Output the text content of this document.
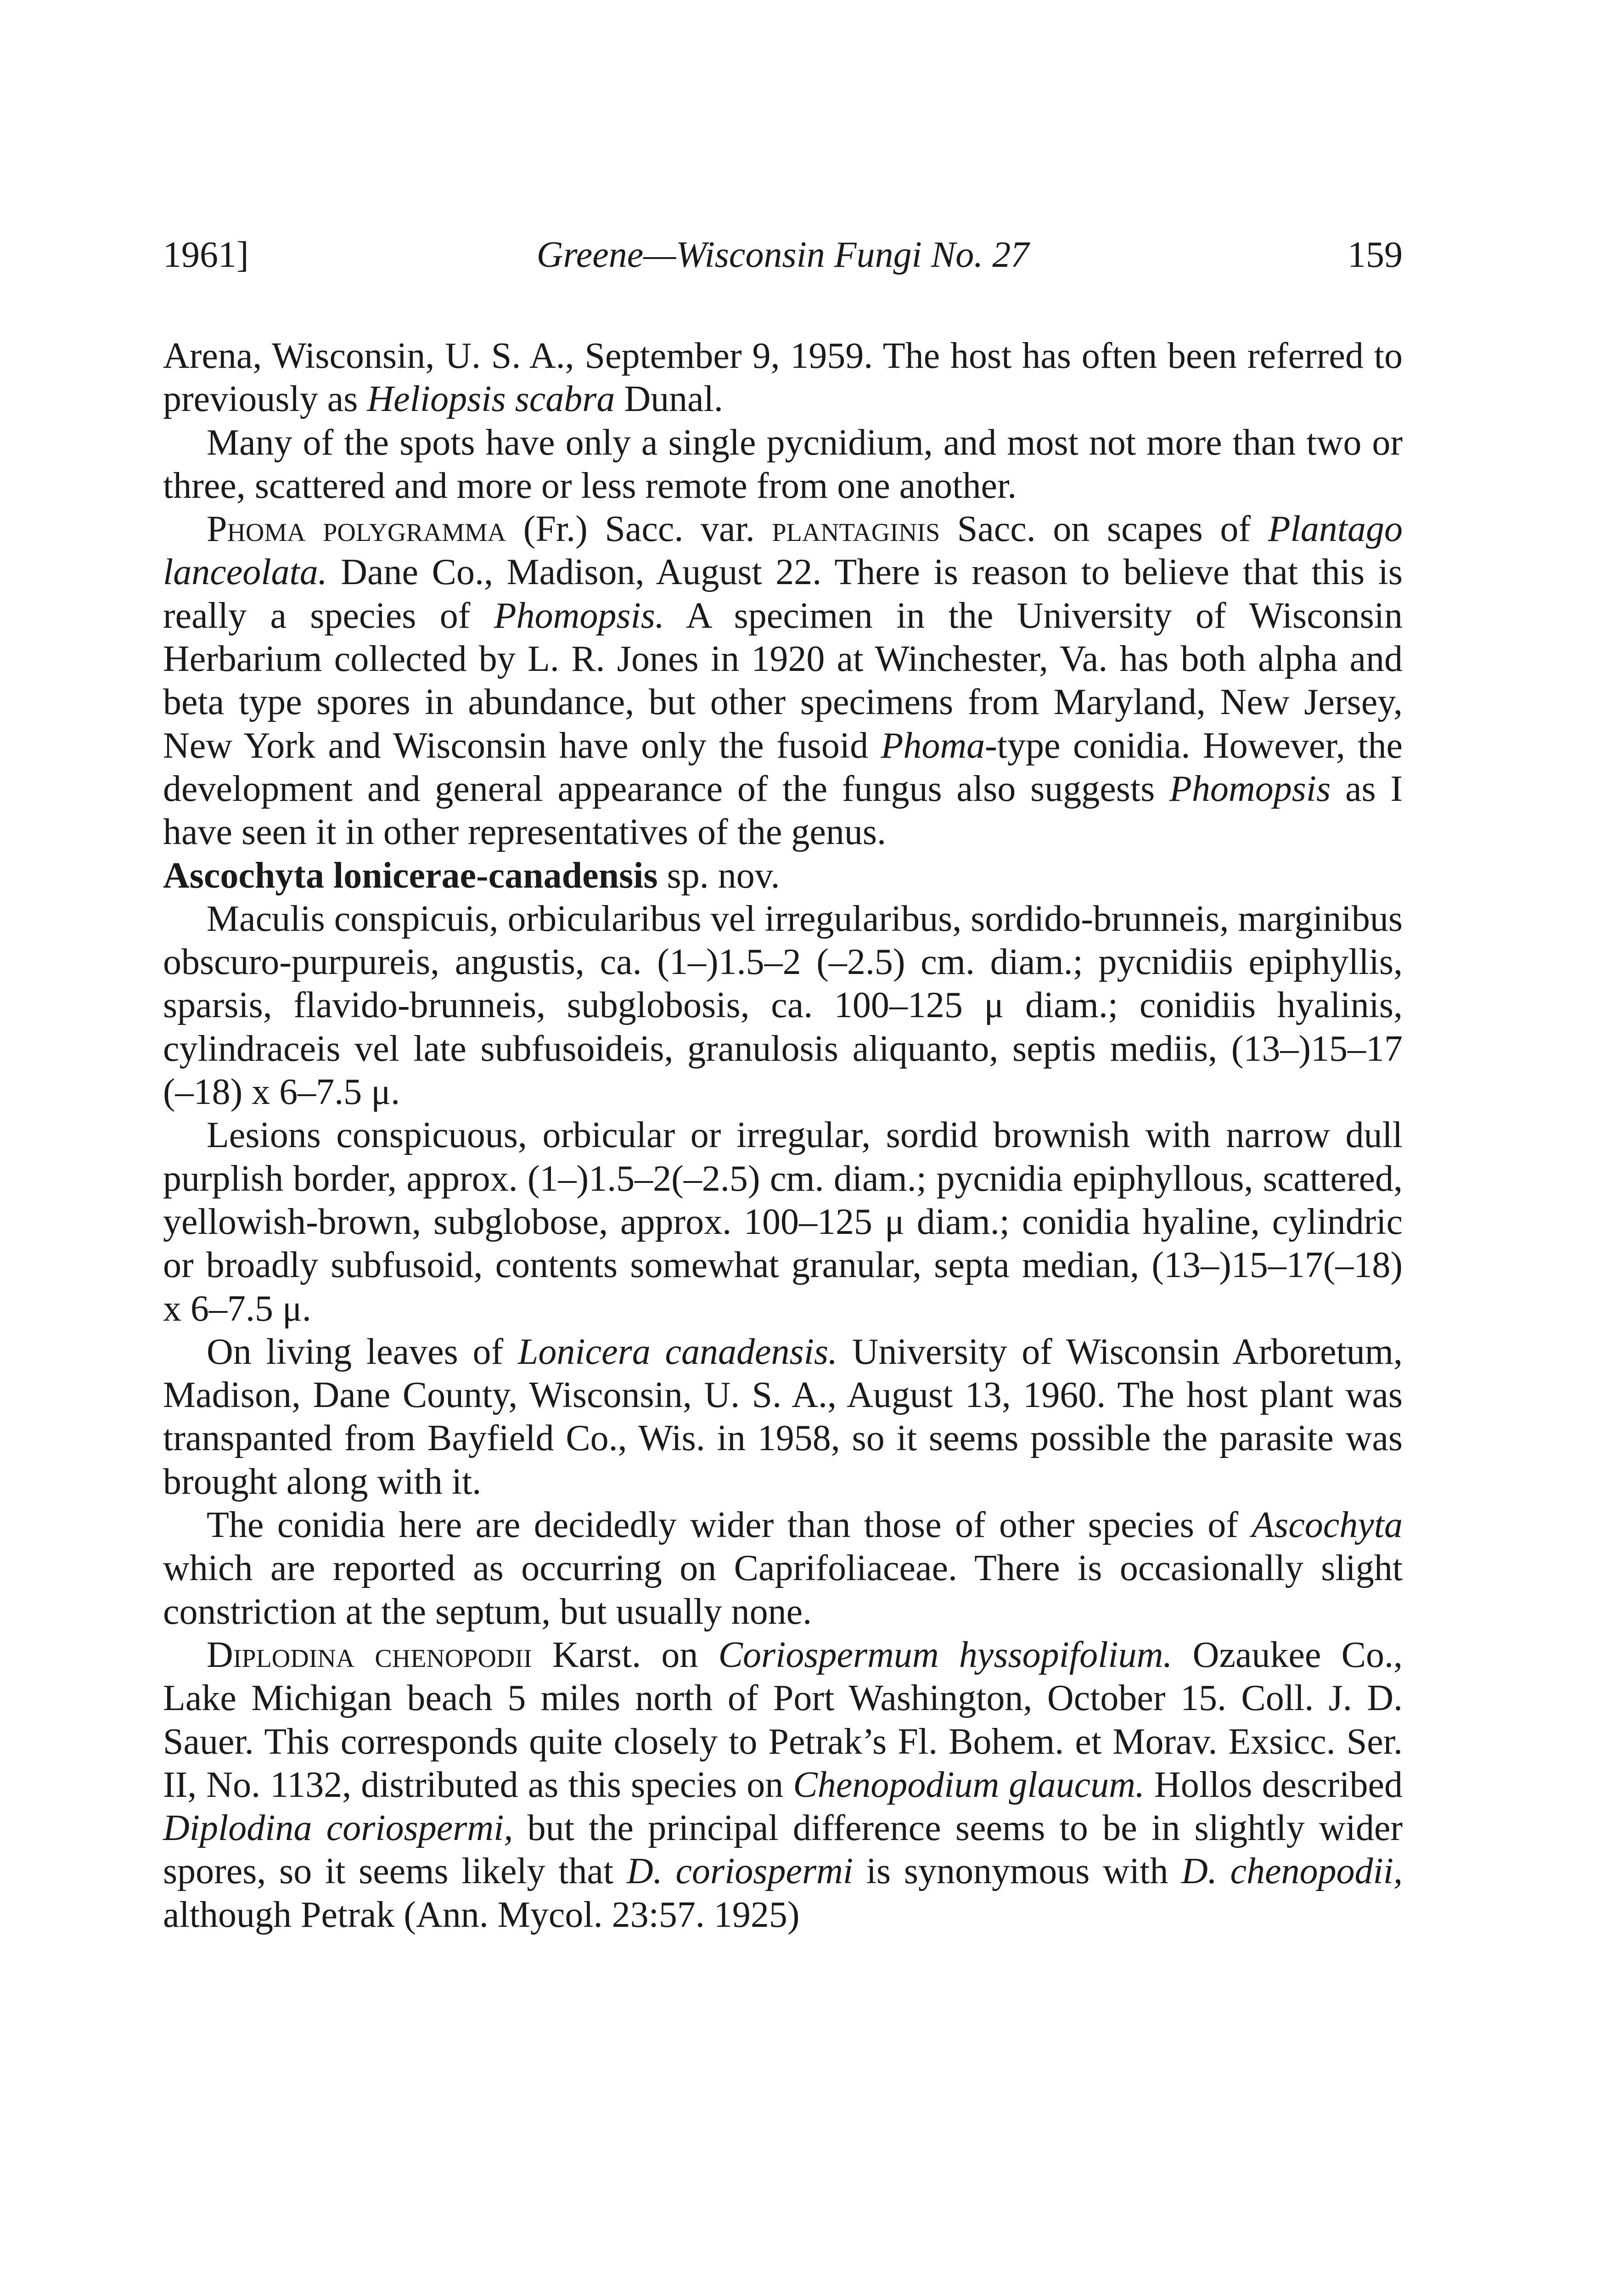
1961]	Greene—Wisconsin Fungi No. 27	159

Arena, Wisconsin, U. S. A., September 9, 1959. The host has often been referred to previously as Heliopsis scabra Dunal.

Many of the spots have only a single pycnidium, and most not more than two or three, scattered and more or less remote from one another.

Phoma polygramma (Fr.) Sacc. var. plantaginis Sacc. on scapes of Plantago lanceolata. Dane Co., Madison, August 22. There is reason to believe that this is really a species of Phomopsis. A specimen in the University of Wisconsin Herbarium collected by L. R. Jones in 1920 at Winchester, Va. has both alpha and beta type spores in abundance, but other specimens from Maryland, New Jersey, New York and Wisconsin have only the fusoid Phoma-type conidia. However, the development and general appearance of the fungus also suggests Phomopsis as I have seen it in other representatives of the genus.

Ascochyta lonicerae-canadensis sp. nov.

Maculis conspicuis, orbicularibus vel irregularibus, sordido-brunneis, marginibus obscuro-purpureis, angustis, ca. (1–)1.5–2 (–2.5) cm. diam.; pycnidiis epiphyllis, sparsis, flavido-brunneis, subglobosis, ca. 100–125 μ diam.; conidiis hyalinis, cylindraceis vel late subfusoideis, granulosis aliquanto, septis mediis, (13–)15–17 (–18) x 6–7.5 μ.

Lesions conspicuous, orbicular or irregular, sordid brownish with narrow dull purplish border, approx. (1–)1.5–2(–2.5) cm. diam.; pycnidia epiphyllous, scattered, yellowish-brown, subglobose, approx. 100–125 μ diam.; conidia hyaline, cylindric or broadly subfusoid, contents somewhat granular, septa median, (13–)15–17(–18) x 6–7.5 μ.

On living leaves of Lonicera canadensis. University of Wisconsin Arboretum, Madison, Dane County, Wisconsin, U. S. A., August 13, 1960. The host plant was transpanted from Bayfield Co., Wis. in 1958, so it seems possible the parasite was brought along with it.

The conidia here are decidedly wider than those of other species of Ascochyta which are reported as occurring on Caprifoliaceae. There is occasionally slight constriction at the septum, but usually none.

Diplodina chenopodii Karst. on Coriospermum hyssopifolium. Ozaukee Co., Lake Michigan beach 5 miles north of Port Washington, October 15. Coll. J. D. Sauer. This corresponds quite closely to Petrak’s Fl. Bohem. et Morav. Exsicc. Ser. II, No. 1132, distributed as this species on Chenopodium glaucum. Hollos described Diplodina coriospermi, but the principal difference seems to be in slightly wider spores, so it seems likely that D. coriospermi is synonymous with D. chenopodii, although Petrak (Ann. Mycol. 23:57. 1925)
